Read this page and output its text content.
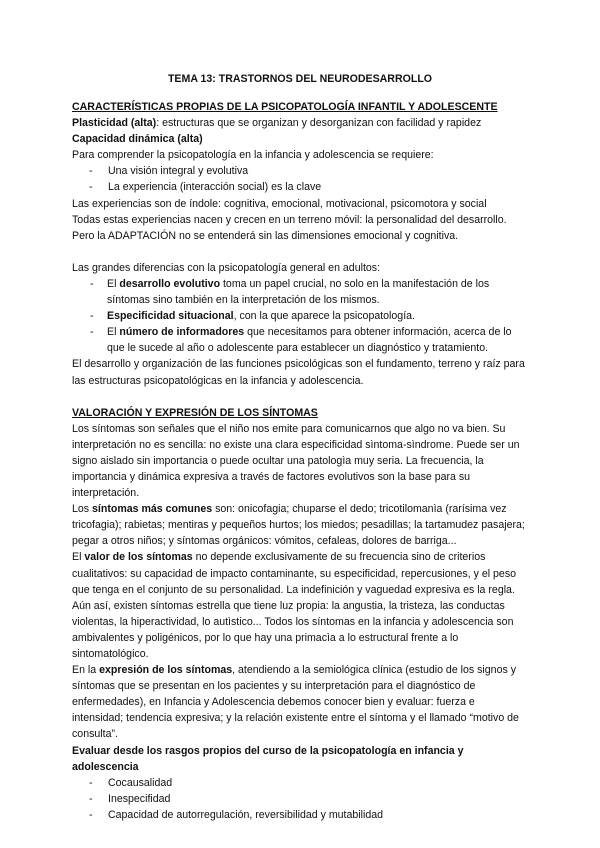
TEMA 13: TRASTORNOS DEL NEURODESARROLLO

CARACTERÍSTICAS PROPIAS DE LA PSICOPATOLOGÍA INFANTIL Y ADOLESCENTE

Plasticidad (alta): estructuras que se organizan y desorganizan con facilidad y rapidez

Capacidad dinámica (alta)

Para comprender la psicopatología en la infancia y adolescencia se requiere:

- Una visión integral y evolutiva
- La experiencia (interacción social) es la clave

Las experiencias son de índole: cognitiva, emocional, motivacional, psicomotora y social

Todas estas experiencias nacen y crecen en un terreno móvil: la personalidad del desarrollo.

Pero la ADAPTACIÓN no se entenderá sin las dimensiones emocional y cognitiva.

Las grandes diferencias con la psicopatología general en adultos:

- El desarrollo evolutivo toma un papel crucial, no solo en la manifestación de los síntomas sino también en la interpretación de los mismos.
- Especificidad situacional, con la que aparece la psicopatología.
- El número de informadores que necesitamos para obtener información, acerca de lo que le sucede al año o adolescente para establecer un diagnóstico y tratamiento.

El desarrollo y organización de las funciones psicológicas son el fundamento, terreno y raíz para las estructuras psicopatológicas en la infancia y adolescencia.

VALORACIÓN Y EXPRESIÓN DE LOS SÍNTOMAS

Los síntomas son señales que el niño nos emite para comunicarnos que algo no va bien. Su interpretación no es sencilla: no existe una clara especificidad sìntoma-sìndrome. Puede ser un signo aislado sin importancia o puede ocultar una patologìa muy seria. La frecuencia, la importancia y dinámica expresiva a través de factores evolutivos son la base para su interpretación.

Los síntomas más comunes son: onicofagia; chuparse el dedo; tricotilomanìa (rarísima vez tricofagia); rabietas; mentiras y pequeños hurtos; los miedos; pesadillas; la tartamudez pasajera; pegar a otros niños; y síntomas orgánicos: vómitos, cefaleas, dolores de barriga...

El valor de los síntomas no depende exclusivamente de su frecuencia sino de criterios cualitativos: su capacidad de impacto contaminante, su especificidad, repercusiones, y el peso que tenga en el conjunto de su personalidad. La indefinición y vaguedad expresiva es la regla.

Aún así, existen síntomas estrella que tiene luz propia: la angustia, la tristeza, las conductas violentas, la hiperactividad, lo autìstico... Todos los síntomas en la infancia y adolescencia son ambivalentes y poligénicos, por lo que hay una primacìa a lo estructural frente a lo sintomatológico.

En la expresión de los síntomas, atendiendo a la semiológica clínica (estudio de los signos y síntomas que se presentan en los pacientes y su interpretación para el diagnóstico de enfermedades), en Infancia y Adolescencia debemos conocer bien y evaluar: fuerza e intensidad; tendencia expresiva; y la relación existente entre el síntoma y el llamado “motivo de consulta”.

Evaluar desde los rasgos propios del curso de la psicopatología en infancia y adolescencia

- Cocausalidad
- Inespecifidad
- Capacidad de autorregulación, reversibilidad y mutabilidad
